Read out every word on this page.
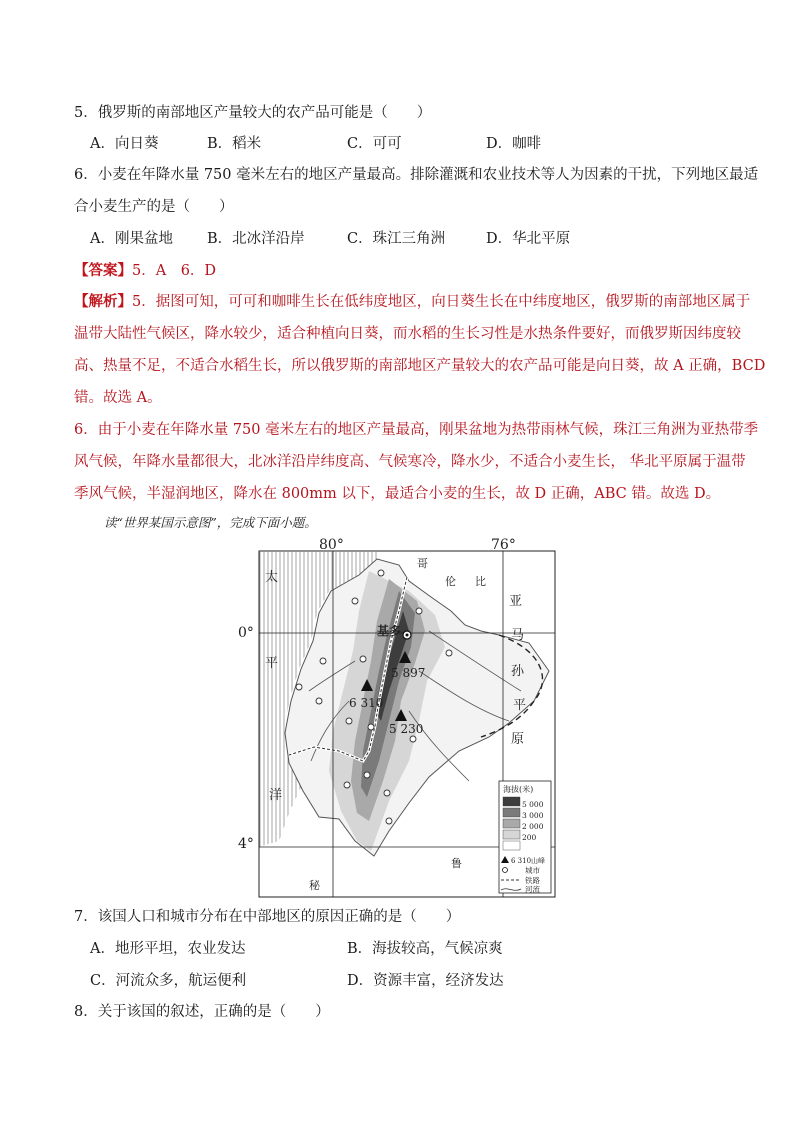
5．俄罗斯的南部地区产量较大的农产品可能是（　　）
A．向日葵	B．稻米	C．可可	D．咖啡
6．小麦在年降水量 750 毫米左右的地区产量最高。排除灌溉和农业技术等人为因素的干扰，下列地区最适
合小麦生产的是（　　）
A．刚果盆地 B．北冰洋沿岸	C．珠江三角洲	D．华北平原
【答案】5．A　6．D
【解析】5．据图可知，可可和咖啡生长在低纬度地区，向日葵生长在中纬度地区，俄罗斯的南部地区属于
温带大陆性气候区，降水较少，适合种植向日葵，而水稻的生长习性是水热条件要好，而俄罗斯因纬度较
高、热量不足，不适合水稻生长，所以俄罗斯的南部地区产量较大的农产品可能是向日葵，故 A 正确，BCD
错。故选 A。
6．由于小麦在年降水量 750 毫米左右的地区产量最高，刚果盆地为热带雨林气候，珠江三角洲为亚热带季
风气候，年降水量都很大，北冰洋沿岸纬度高、气候寒冷，降水少，不适合小麦生长， 华北平原属于温带
季风气候，半湿润地区，降水在 800mm 以下，最适合小麦的生长，故 D 正确，ABC 错。故选 D。
读“世界某国示意图”，完成下面小题。
5 897
6 310
5 230
基多
80°	76°
太
平
洋
哥
伦 比
亚
马
孙
平
原
秘
鲁
海拔(米)
5 000
3 000
2 000
200
6 310山峰
城市
铁路
河流
0°
4°
7．该国人口和城市分布在中部地区的原因正确的是（　　）
A．地形平坦，农业发达	B．海拔较高，气候凉爽
C．河流众多，航运便利	D．资源丰富，经济发达
8．关于该国的叙述，正确的是（　　）
